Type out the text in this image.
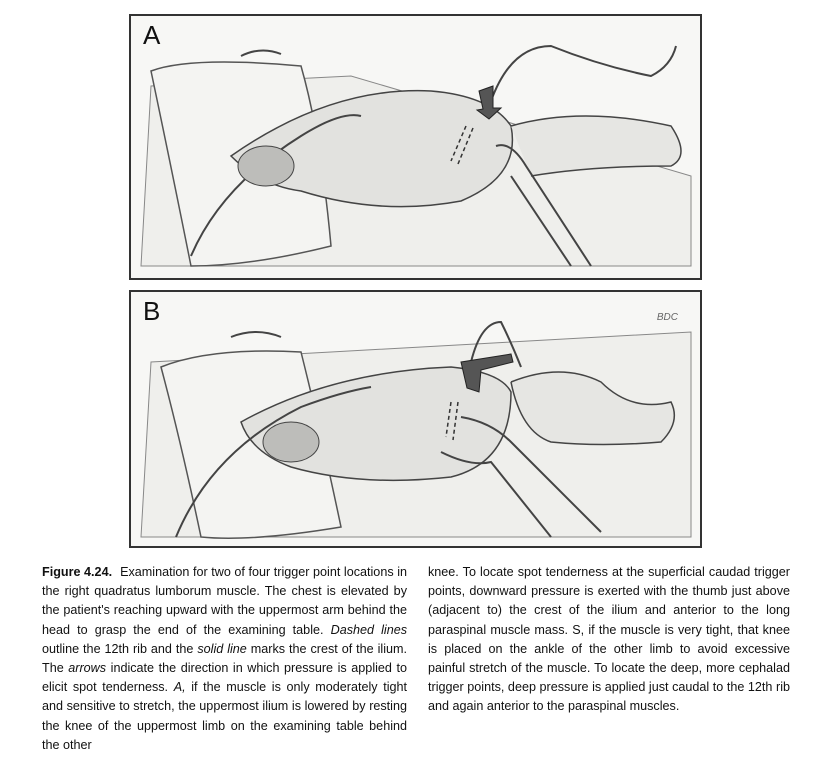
A
B	BDC
Figure 4.24. Examination for two of four trigger point locations in the right quadratus lumborum muscle. The chest is elevated by the patient's reaching upward with the uppermost arm behind the head to grasp the end of the examining table. Dashed lines outline the 12th rib and the solid line marks the crest of the ilium. The arrows indicate the direction in which pressure is applied to elicit spot tenderness. A, if the muscle is only moderately tight and sensitive to stretch, the uppermost ilium is lowered by resting the knee of the uppermost limb on the examining table behind the other
knee. To locate spot tenderness at the superficial caudad trigger points, downward pressure is exerted with the thumb just above (adjacent to) the crest of the ilium and anterior to the long paraspinal muscle mass. S, if the muscle is very tight, that knee is placed on the ankle of the other limb to avoid excessive painful stretch of the muscle. To locate the deep, more cephalad trigger points, deep pressure is applied just caudal to the 12th rib and again anterior to the paraspinal muscles.
